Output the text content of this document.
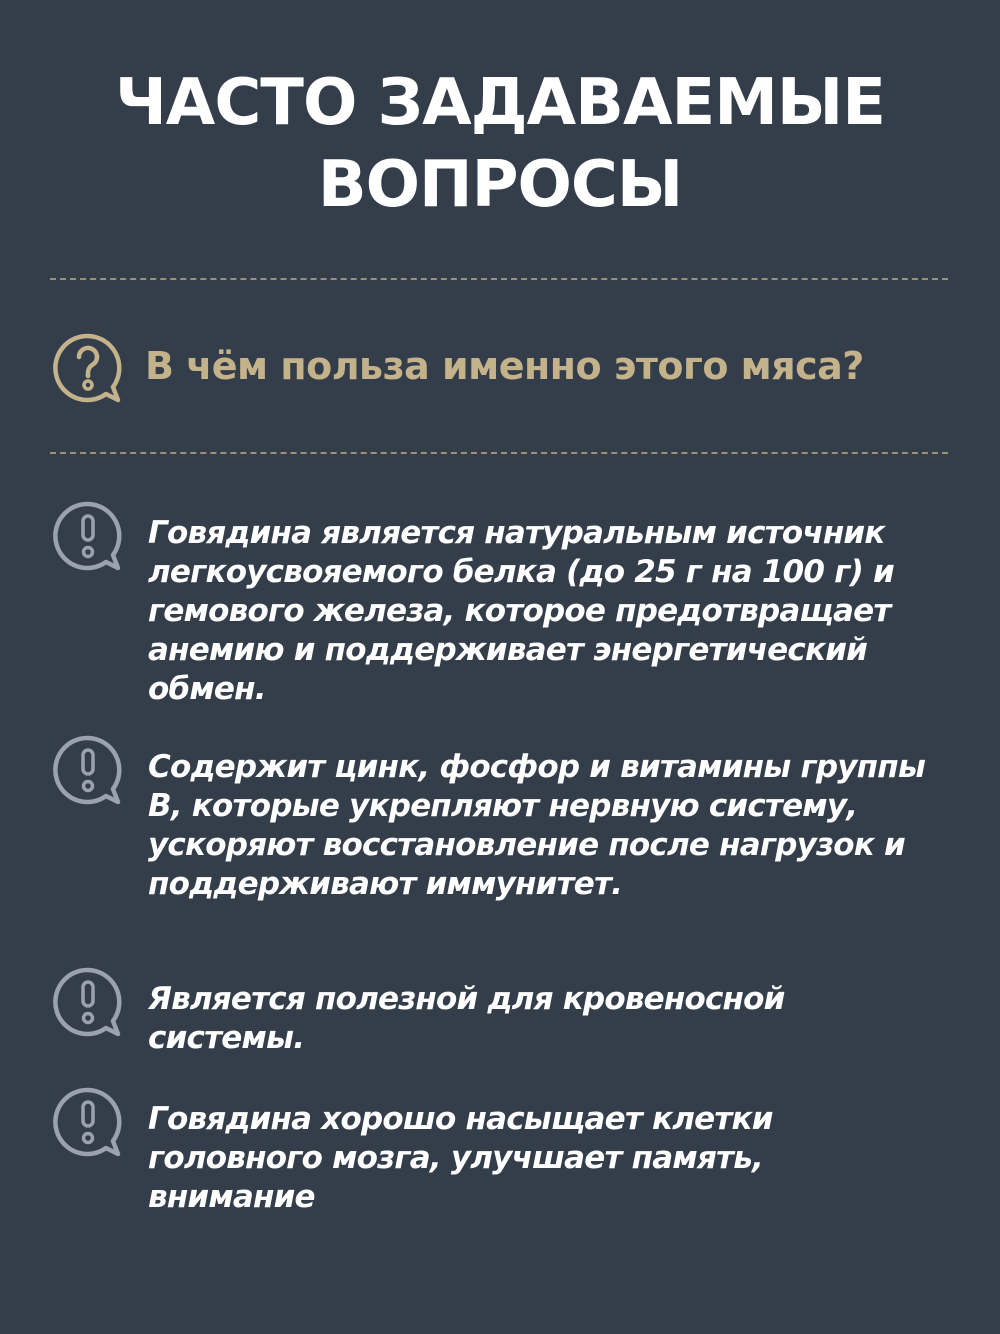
ЧАСТО ЗАДАВАЕМЫЕ
ВОПРОСЫ
В чём польза именно этого мяса?
Говядина является натуральным источник легкоусвояемого белка (до 25 г на 100 г) и гемового железа, которое предотвращает анемию и поддерживает энергетический обмен.
Содержит цинк, фосфор и витамины группы В, которые укрепляют нервную систему, ускоряют восстановление после нагрузок и поддерживают иммунитет.
Является полезной для кровеносной системы.
Говядина хорошо насыщает клетки головного мозга, улучшает память, внимание
